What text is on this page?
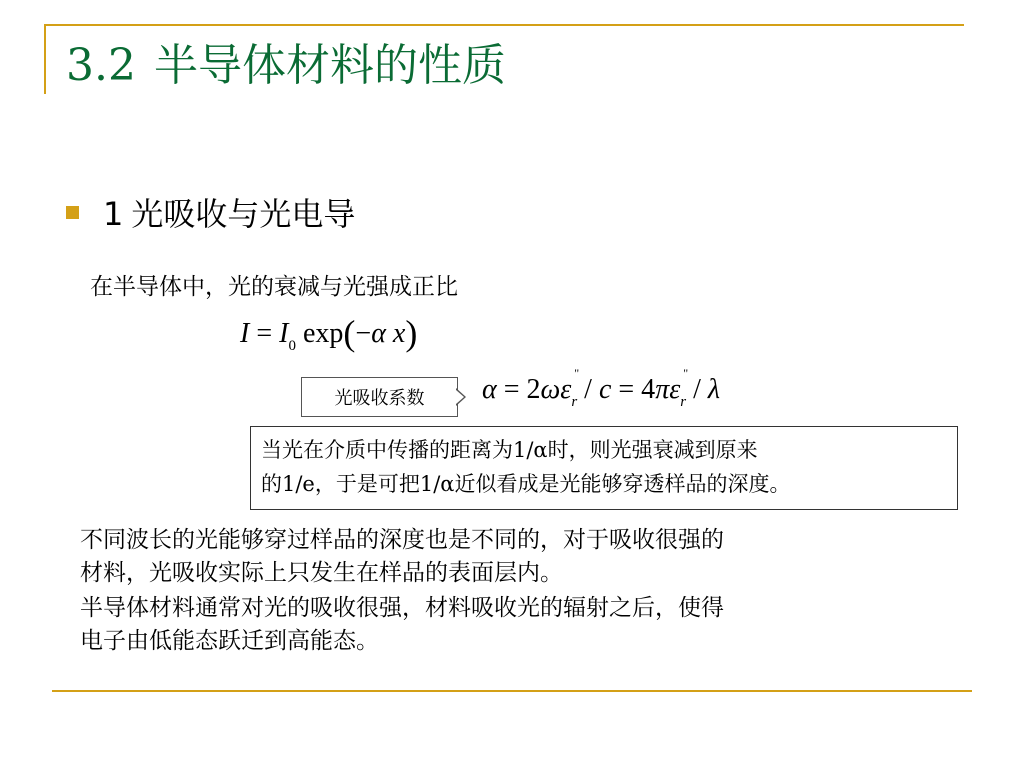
3.2 半导体材料的性质
1 光吸收与光电导
在半导体中，光的衰减与光强成正比
$I = I_0$ exp(−α x)
光吸收系数	α = 2ωε
"
$_r$ / c = 4πε
"
$_r$ / λ
当光在介质中传播的距离为1/α时，则光强衰减到原来
的1/e，于是可把1/α近似看成是光能够穿透样品的深度。
不同波长的光能够穿过样品的深度也是不同的，对于吸收很强的
材料，光吸收实际上只发生在样品的表面层内。
半导体材料通常对光的吸收很强，材料吸收光的辐射之后，使得
电子由低能态跃迁到高能态。
